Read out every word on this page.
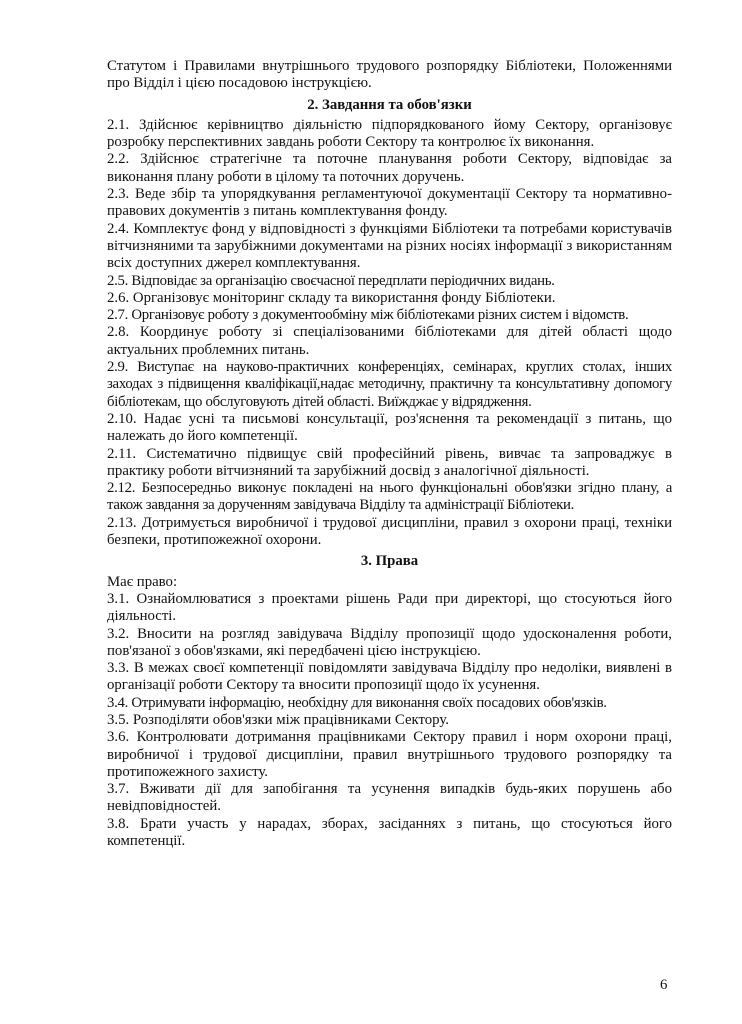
Статутом і Правилами внутрішнього трудового розпорядку Бібліотеки, Положеннями про Відділ і цією посадовою інструкцією.

2. Завдання та обов'язки

2.1. Здійснює керівництво діяльністю підпорядкованого йому Сектору, організовує розробку перспективних завдань роботи Сектору та контролює їх виконання.

2.2. Здійснює стратегічне та поточне планування роботи Сектору, відповідає за виконання плану роботи в цілому та поточних доручень.

2.3. Веде збір та упорядкування регламентуючої документації Сектору та нормативно-правових документів з питань комплектування фонду.

2.4. Комплектує фонд у відповідності з функціями Бібліотеки та потребами користувачів вітчизняними та зарубіжними документами на різних носіях інформації з використанням всіх доступних джерел комплектування.

2.5. Відповідає за організацію своєчасної передплати періодичних видань.

2.6. Організовує моніторинг складу та використання фонду Бібліотеки.

2.7. Організовує роботу з документообміну між бібліотеками різних систем і відомств.

2.8. Координує роботу зі спеціалізованими бібліотеками для дітей області щодо актуальних проблемних питань.

2.9. Виступає на науково-практичних конференціях, семінарах, круглих столах, інших заходах з підвищення кваліфікації,надає методичну, практичну та консультативну допомогу бібліотекам, що обслуговують дітей області. Виїжджає у відрядження.

2.10. Надає усні та письмові консультації, роз'яснення та рекомендації з питань, що належать до його компетенції.

2.11. Систематично підвищує свій професійний рівень, вивчає та запроваджує в практику роботи вітчизняний та зарубіжний досвід з аналогічної діяльності.

2.12. Безпосередньо виконує покладені на нього функціональні обов'язки згідно плану, а також завдання за дорученням завідувача Відділу та адміністрації Бібліотеки.

2.13. Дотримується виробничої і трудової дисципліни, правил з охорони праці, техніки безпеки, протипожежної охорони.

3. Права

Має право:

3.1. Ознайомлюватися з проектами рішень Ради при директорі, що стосуються його діяльності.

3.2. Вносити на розгляд завідувача Відділу пропозиції щодо удосконалення роботи, пов'язаної з обов'язками, які передбачені цією інструкцією.

3.3. В межах своєї компетенції повідомляти завідувача Відділу про недоліки, виявлені в організації роботи Сектору та вносити пропозиції щодо їх усунення.

3.4. Отримувати інформацію, необхідну для виконання своїх посадових обов'язків.

3.5. Розподіляти обов'язки між працівниками Сектору.

3.6. Контролювати дотримання працівниками Сектору правил і норм охорони праці, виробничої і трудової дисципліни, правил внутрішнього трудового розпорядку та протипожежного захисту.

3.7. Вживати дії для запобігання та усунення випадків будь-яких порушень або невідповідностей.

3.8. Брати участь у нарадах, зборах, засіданнях з питань, що стосуються його компетенції.

6
